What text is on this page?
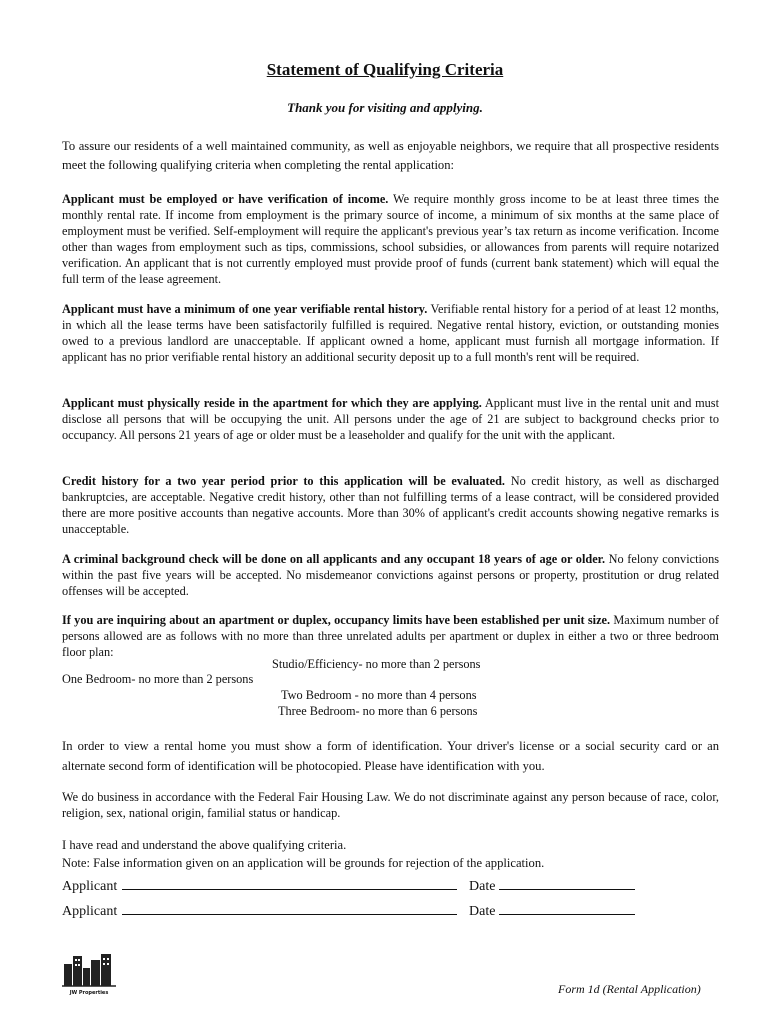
Statement of Qualifying Criteria
Thank you for visiting and applying.
To assure our residents of a well maintained community, as well as enjoyable neighbors, we require that all prospective residents meet the following qualifying criteria when completing the rental application:
Applicant must be employed or have verification of income. We require monthly gross income to be at least three times the monthly rental rate. If income from employment is the primary source of income, a minimum of six months at the same place of employment must be verified. Self-employment will require the applicant's previous year’s tax return as income verification. Income other than wages from employment such as tips, commissions, school subsidies, or allowances from parents will require notarized verification. An applicant that is not currently employed must provide proof of funds (current bank statement) which will equal the full term of the lease agreement.
Applicant must have a minimum of one year verifiable rental history. Verifiable rental history for a period of at least 12 months, in which all the lease terms have been satisfactorily fulfilled is required. Negative rental history, eviction, or outstanding monies owed to a previous landlord are unacceptable. If applicant owned a home, applicant must furnish all mortgage information. If applicant has no prior verifiable rental history an additional security deposit up to a full month's rent will be required.
Applicant must physically reside in the apartment for which they are applying. Applicant must live in the rental unit and must disclose all persons that will be occupying the unit. All persons under the age of 21 are subject to background checks prior to occupancy. All persons 21 years of age or older must be a leaseholder and qualify for the unit with the applicant.
Credit history for a two year period prior to this application will be evaluated. No credit history, as well as discharged bankruptcies, are acceptable. Negative credit history, other than not fulfilling terms of a lease contract, will be considered provided there are more positive accounts than negative accounts. More than 30% of applicant's credit accounts showing negative remarks is unacceptable.
A criminal background check will be done on all applicants and any occupant 18 years of age or older. No felony convictions within the past five years will be accepted. No misdemeanor convictions against persons or property, prostitution or drug related offenses will be accepted.
If you are inquiring about an apartment or duplex, occupancy limits have been established per unit size. Maximum number of persons allowed are as follows with no more than three unrelated adults per apartment or duplex in either a two or three bedroom floor plan:
Studio/Efficiency- no more than 2 persons
One Bedroom- no more than 2 persons
Two Bedroom - no more than 4 persons
Three Bedroom- no more than 6 persons
In order to view a rental home you must show a form of identification. Your driver's license or a social security card or an alternate second form of identification will be photocopied. Please have identification with you.
We do business in accordance with the Federal Fair Housing Law. We do not discriminate against any person because of race, color, religion, sex, national origin, familial status or handicap.
I have read and understand the above qualifying criteria.
Note: False information given on an application will be grounds for rejection of the application.
Applicant	Date
Applicant	Date
JW Properties	Form 1d (Rental Application)
